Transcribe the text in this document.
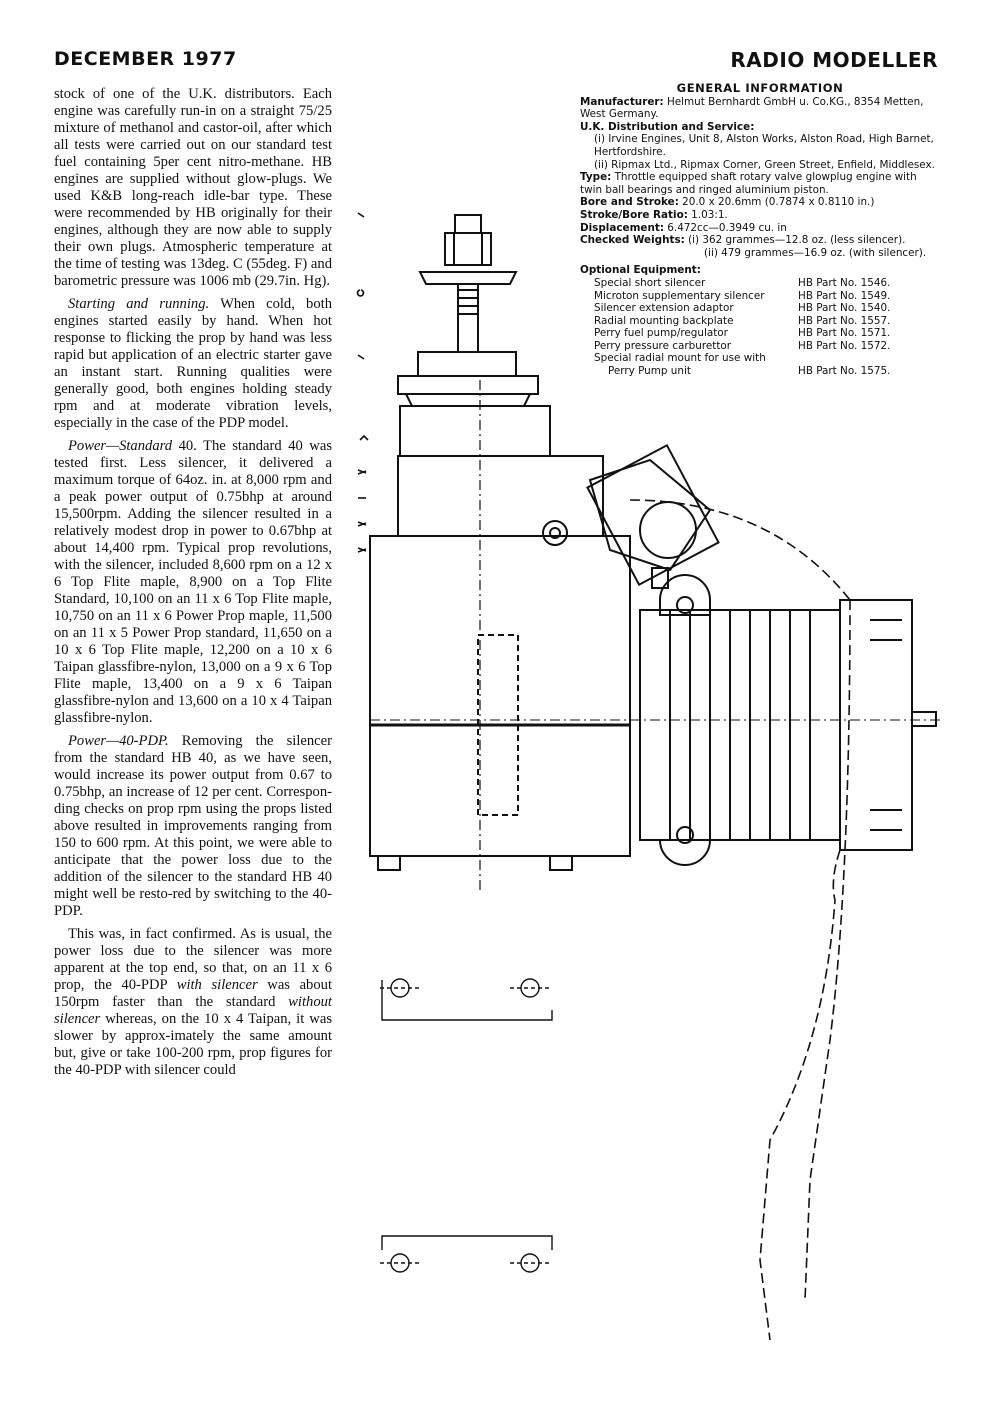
DECEMBER 1977	RADIO MODELLER

stock of one of the U.K. distributors. Each engine was carefully run-in on a straight 75/25 mixture of methanol and castor-oil, after which all tests were carried out on our standard test fuel containing 5per cent nitro-methane. HB engines are supplied without glow-plugs. We used K&B long-reach idle-bar type. These were recommended by HB originally for their engines, although they are now able to supply their own plugs. Atmospheric temperature at the time of testing was 13deg. C (55deg. F) and barometric pressure was 1006 mb (29.7in. Hg).

Starting and running. When cold, both engines started easily by hand. When hot response to flicking the prop by hand was less rapid but application of an electric starter gave an instant start. Running qualities were generally good, both engines holding steady rpm and at moderate vibration levels, especially in the case of the PDP model.

Power—Standard 40. The standard 40 was tested first. Less silencer, it delivered a maximum torque of 64oz. in. at 8,000 rpm and a peak power output of 0.75bhp at around 15,500rpm. Adding the silencer resulted in a relatively modest drop in power to 0.67bhp at about 14,400 rpm. Typical prop revolutions, with the silencer, included 8,600 rpm on a 12 x 6 Top Flite maple, 8,900 on a Top Flite Standard, 10,100 on an 11 x 6 Top Flite maple, 10,750 on an 11 x 6 Power Prop maple, 11,500 on an 11 x 5 Power Prop standard, 11,650 on a 10 x 6 Top Flite maple, 12,200 on a 10 x 6 Taipan glassfibre-nylon, 13,000 on a 9 x 6 Top Flite maple, 13,400 on a 9 x 6 Taipan glassfibre-nylon and 13,600 on a 10 x 4 Taipan glassfibre-nylon.

Power—40-PDP. Removing the silencer from the standard HB 40, as we have seen, would increase its power output from 0.67 to 0.75bhp, an increase of 12 per cent. Correspon-ding checks on prop rpm using the props listed above resulted in improvements ranging from 150 to 600 rpm. At this point, we were able to anticipate that the power loss due to the addition of the silencer to the standard HB 40 might well be resto-red by switching to the 40-PDP.

This was, in fact confirmed. As is usual, the power loss due to the silencer was more apparent at the top end, so that, on an 11 x 6 prop, the 40-PDP with silencer was about 150rpm faster than the standard without silencer whereas, on the 10 x 4 Taipan, it was slower by approx-imately the same amount but, give or take 100-200 rpm, prop figures for the 40-PDP with silencer could

GENERAL INFORMATION
Manufacturer: Helmut Bernhardt GmbH u. Co.KG., 8354 Metten, West Germany.
U.K. Distribution and Service:
(i) Irvine Engines, Unit 8, Alston Works, Alston Road, High Barnet, Hertfordshire.
(ii) Ripmax Ltd., Ripmax Corner, Green Street, Enfield, Middlesex.
Type: Throttle equipped shaft rotary valve glowplug engine with twin ball bearings and ringed aluminium piston.
Bore and Stroke: 20.0 x 20.6mm (0.7874 x 0.8110 in.)
Stroke/Bore Ratio: 1.03:1.
Displacement: 6.472cc—0.3949 cu. in
Checked Weights: (i) 362 grammes—12.8 oz. (less silencer).
(ii) 479 grammes—16.9 oz. (with silencer).
Optional Equipment:
Special short silencer	HB Part No. 1546.
Microton supplementary silencer	HB Part No. 1549.
Silencer extension adaptor	HB Part No. 1540.
Radial mounting backplate	HB Part No. 1557.
Perry fuel pump/regulator	HB Part No. 1571.
Perry pressure carburettor	HB Part No. 1572.
Special radial mount for use with
Perry Pump unit	HB Part No. 1575.
